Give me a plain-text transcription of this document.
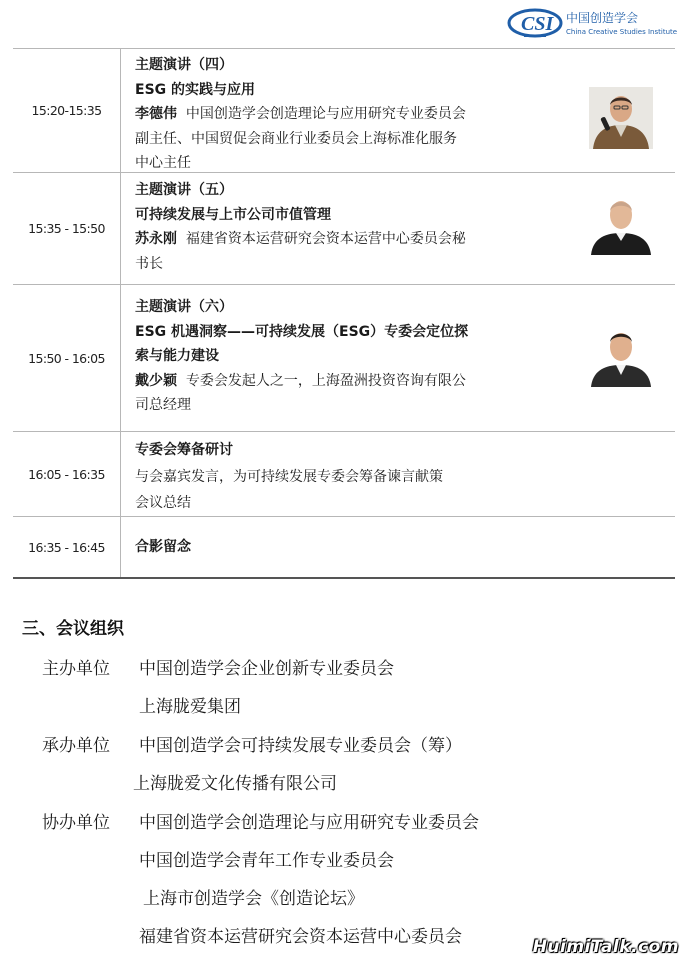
CSI 中国创造学会
China Creative Studies Institute
15:20-15:35
主题演讲（四）
ESG 的实践与应用
李德伟 中国创造学会创造理论与应用研究专业委员会
副主任、中国贸促会商业行业委员会上海标准化服务
中心主任
15:35 - 15:50
主题演讲（五）
可持续发展与上市公司市值管理
苏永刚 福建省资本运营研究会资本运营中心委员会秘
书长
15:50 - 16:05
主题演讲（六）
ESG 机遇洞察——可持续发展（ESG）专委会定位探
索与能力建设
戴少颖 专委会发起人之一，上海盈洲投资咨询有限公
司总经理
16:05 - 16:35
专委会筹备研讨
与会嘉宾发言，为可持续发展专委会筹备谏言献策
会议总结
16:35 - 16:45	合影留念
三、会议组织
主办单位 中国创造学会企业创新专业委员会
上海胧爱集团
承办单位 中国创造学会可持续发展专业委员会（筹）
上海胧爱文化传播有限公司
协办单位 中国创造学会创造理论与应用研究专业委员会
中国创造学会青年工作专业委员会
上海市创造学会《创造论坛》
福建省资本运营研究会资本运营中心委员会	HuimiTalk.com
